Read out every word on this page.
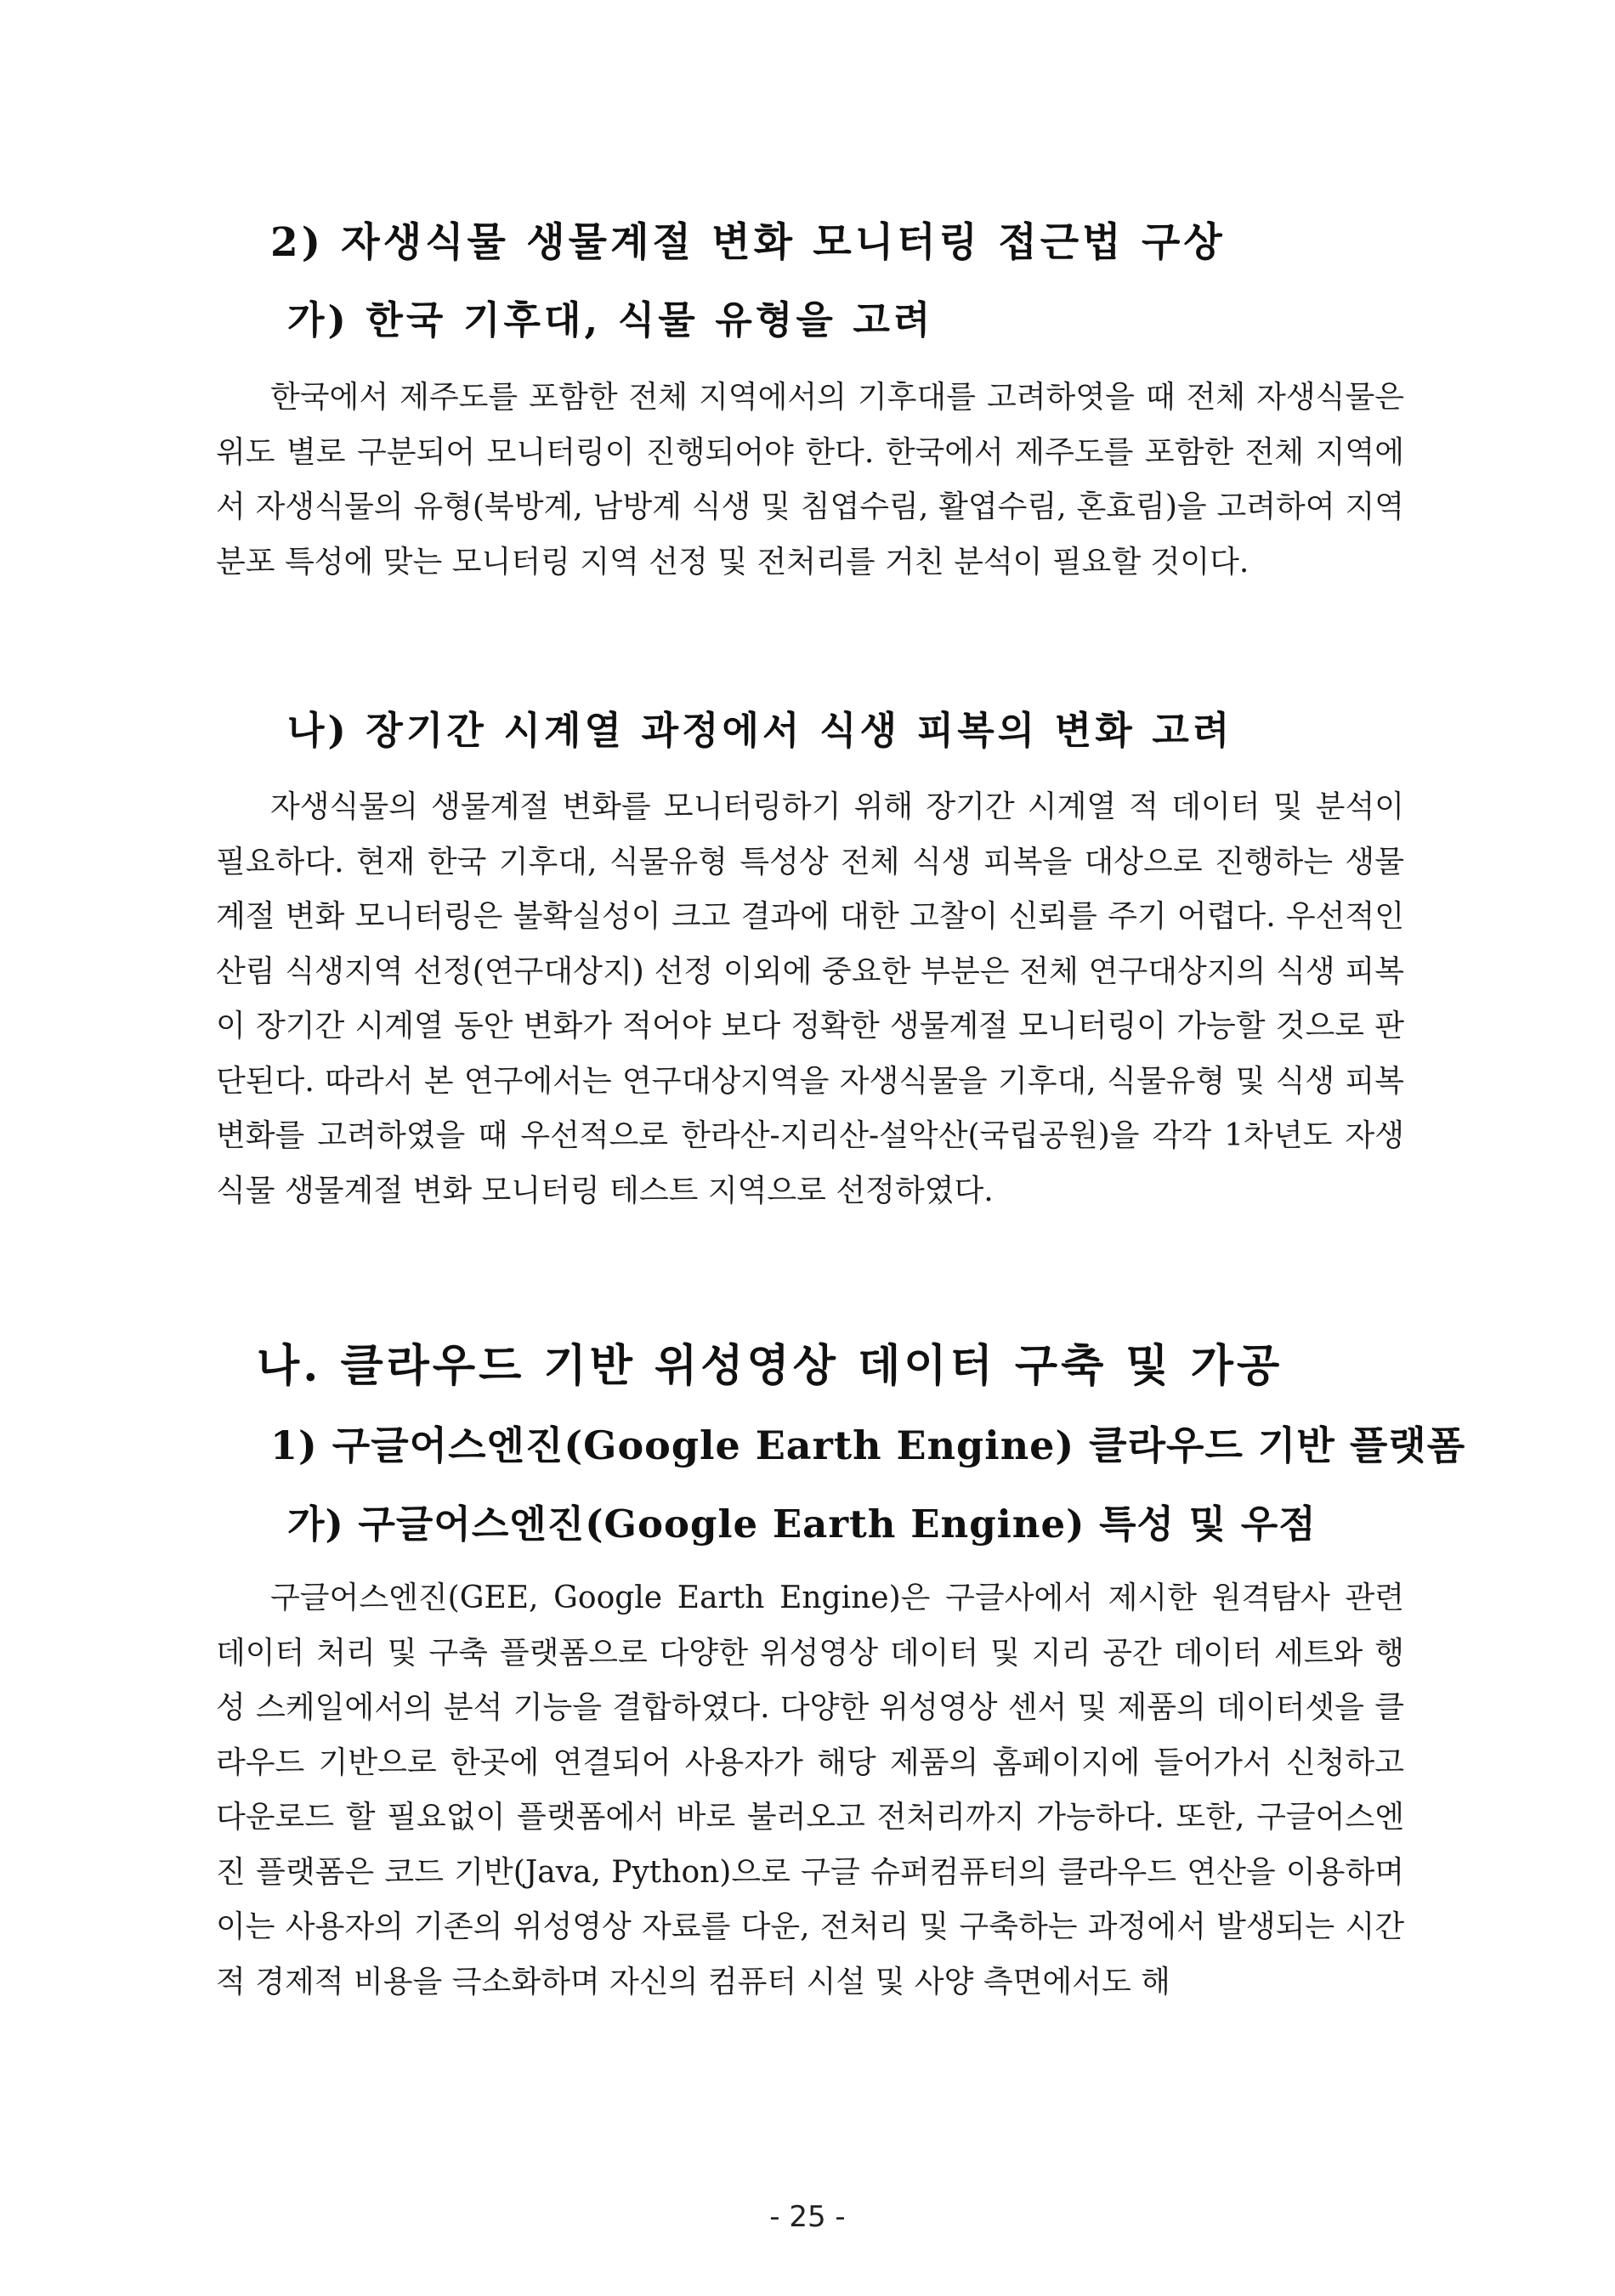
2) 자생식물 생물계절 변화 모니터링 접근법 구상
가) 한국 기후대, 식물 유형을 고려

한국에서 제주도를 포함한 전체 지역에서의 기후대를 고려하엿을 때 전체 자생식물은 위도 별로 구분되어 모니터링이 진행되어야 한다. 한국에서 제주도를 포함한 전체 지역에서 자생식물의 유형(북방계, 남방계 식생 및 침엽수림, 활엽수림, 혼효림)을 고려하여 지역 분포 특성에 맞는 모니터링 지역 선정 및 전처리를 거친 분석이 필요할 것이다.

나) 장기간 시계열 과정에서 식생 피복의 변화 고려

자생식물의 생물계절 변화를 모니터링하기 위해 장기간 시계열 적 데이터 및 분석이 필요하다. 현재 한국 기후대, 식물유형 특성상 전체 식생 피복을 대상으로 진행하는 생물계절 변화 모니터링은 불확실성이 크고 결과에 대한 고찰이 신뢰를 주기 어렵다. 우선적인 산림 식생지역 선정(연구대상지) 선정 이외에 중요한 부분은 전체 연구대상지의 식생 피복이 장기간 시계열 동안 변화가 적어야 보다 정확한 생물계절 모니터링이 가능할 것으로 판단된다. 따라서 본 연구에서는 연구대상지역을 자생식물을 기후대, 식물유형 및 식생 피복 변화를 고려하였을 때 우선적으로 한라산-지리산-설악산(국립공원)을 각각 1차년도 자생식물 생물계절 변화 모니터링 테스트 지역으로 선정하였다.

나. 클라우드 기반 위성영상 데이터 구축 및 가공
1) 구글어스엔진(Google Earth Engine) 클라우드 기반 플랫폼
가) 구글어스엔진(Google Earth Engine) 특성 및 우점

구글어스엔진(GEE, Google Earth Engine)은 구글사에서 제시한 원격탐사 관련 데이터 처리 및 구축 플랫폼으로 다양한 위성영상 데이터 및 지리 공간 데이터 세트와 행성 스케일에서의 분석 기능을 결합하였다. 다양한 위성영상 센서 및 제품의 데이터셋을 클라우드 기반으로 한곳에 연결되어 사용자가 해당 제품의 홈페이지에 들어가서 신청하고 다운로드 할 필요없이 플랫폼에서 바로 불러오고 전처리까지 가능하다. 또한, 구글어스엔진 플랫폼은 코드 기반(Java, Python)으로 구글 슈퍼컴퓨터의 클라우드 연산을 이용하며 이는 사용자의 기존의 위성영상 자료를 다운, 전처리 및 구축하는 과정에서 발생되는 시간적 경제적 비용을 극소화하며 자신의 컴퓨터 시설 및 사양 측면에서도 해

- 25 -
